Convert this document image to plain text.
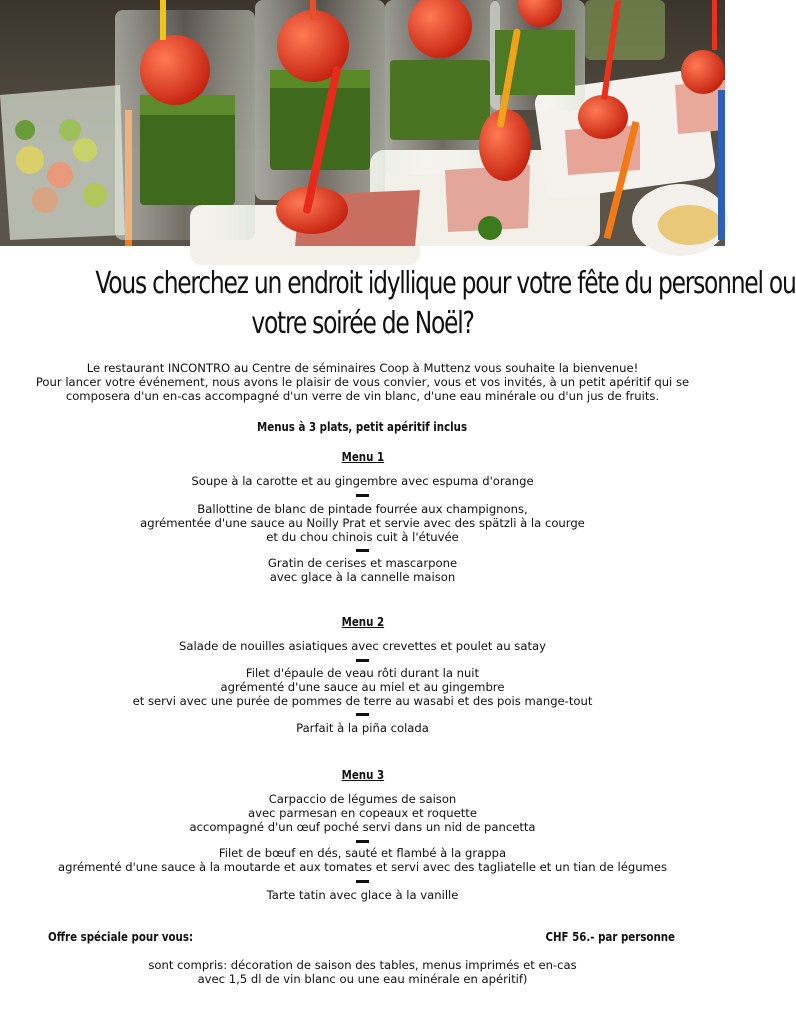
Vous cherchez un endroit idyllique pour votre fête du personnel ou
votre soirée de Noël?
Le restaurant INCONTRO au Centre de séminaires Coop à Muttenz vous souhaite la bienvenue!
Pour lancer votre événement, nous avons le plaisir de vous convier, vous et vos invités, à un petit apéritif qui se
composera d'un en-cas accompagné d'un verre de vin blanc, d'une eau minérale ou d'un jus de fruits.
Menus à 3 plats, petit apéritif inclus
Menu 1
Soupe à la carotte et au gingembre avec espuma d'orange
Ballottine de blanc de pintade fourrée aux champignons,
agrémentée d'une sauce au Noilly Prat et servie avec des spätzli à la courge
et du chou chinois cuit à l'étuvée
Gratin de cerises et mascarpone
avec glace à la cannelle maison
Menu 2
Salade de nouilles asiatiques avec crevettes et poulet au satay
Filet d'épaule de veau rôti durant la nuit
agrémenté d'une sauce au miel et au gingembre
et servi avec une purée de pommes de terre au wasabi et des pois mange-tout
Parfait à la piña colada
Menu 3
Carpaccio de légumes de saison
avec parmesan en copeaux et roquette
accompagné d'un œuf poché servi dans un nid de pancetta
Filet de bœuf en dés, sauté et flambé à la grappa
agrémenté d'une sauce à la moutarde et aux tomates et servi avec des tagliatelle et un tian de légumes
Tarte tatin avec glace à la vanille
Offre spéciale pour vous:	CHF 56.- par personne
sont compris: décoration de saison des tables, menus imprimés et en-cas
avec 1,5 dl de vin blanc ou une eau minérale en apéritif)
